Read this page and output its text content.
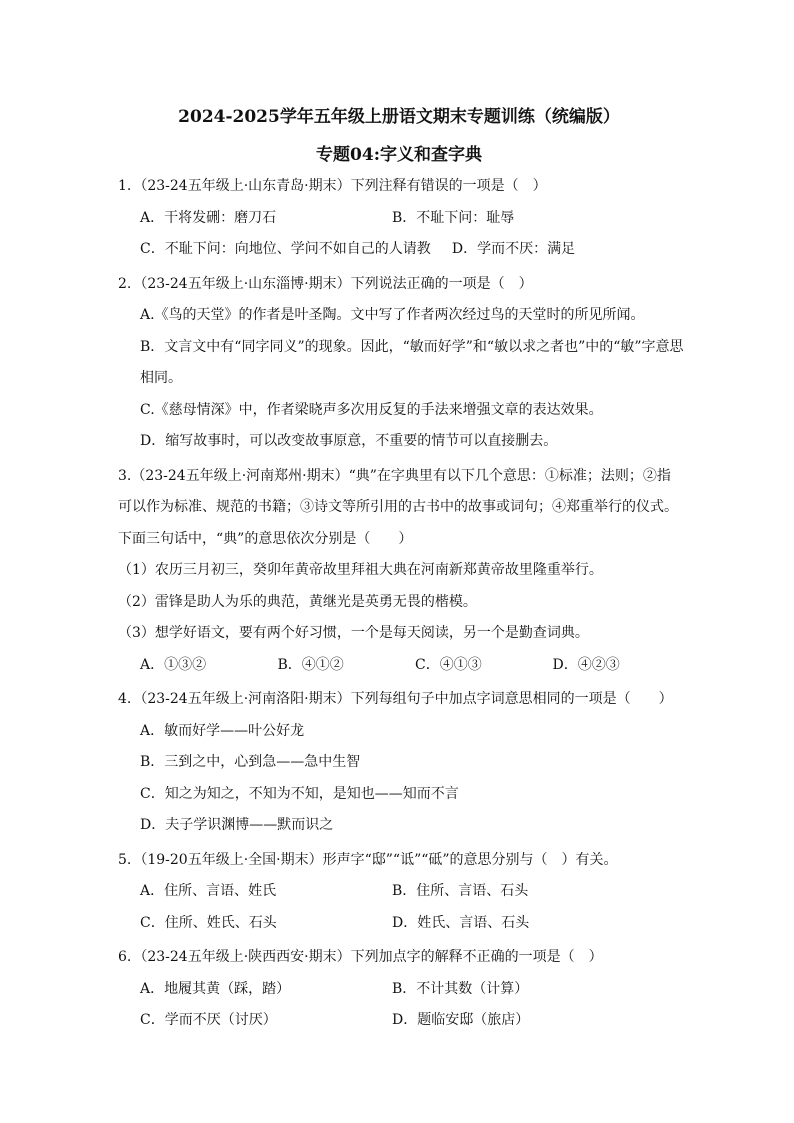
2024-2025学年五年级上册语文期末专题训练（统编版）
专题04:字义和查字典
1. （23-24五年级上·山东青岛·期末）下列注释有错误的一项是（　）
A．干将发硎：磨刀石	B．不耻下问：耻辱
C．不耻下问：向地位、学问不如自己的人请教	D．学而不厌：满足
2. （23-24五年级上·山东淄博·期末）下列说法正确的一项是（　）
A.《鸟的天堂》的作者是叶圣陶。文中写了作者两次经过鸟的天堂时的所见所闻。
B．文言文中有“同字同义”的现象。因此，“敏而好学”和“敏以求之者也”中的“敏”字意思
相同。
C.《慈母情深》中，作者梁晓声多次用反复的手法来增强文章的表达效果。
D．缩写故事时，可以改变故事原意，不重要的情节可以直接删去。
3.（23-24五年级上·河南郑州·期末）“典”在字典里有以下几个意思：①标准；法则；②指
可以作为标准、规范的书籍；③诗文等所引用的古书中的故事或词句；④郑重举行的仪式。
下面三句话中，“典”的意思依次分别是（　　）
（1）农历三月初三，癸卯年黄帝故里拜祖大典在河南新郑黄帝故里隆重举行。
（2）雷锋是助人为乐的典范，黄继光是英勇无畏的楷模。
（3）想学好语文，要有两个好习惯，一个是每天阅读，另一个是勤查词典。
A．①③②	B．④①②	C．④①③	D．④②③
4. （23-24五年级上·河南洛阳·期末）下列每组句子中加点字词意思相同的一项是（　　）
A．敏而好学——叶公好龙
B．三到之中，心到急——急中生智
C．知之为知之，不知为不知，是知也——知而不言
D．夫子学识渊博——默而识之
5. （19-20五年级上·全国·期末）形声字“邸”“诋”“砥”的意思分别与（　）有关。
A．住所、言语、姓氏	B．住所、言语、石头
C．住所、姓氏、石头	D．姓氏、言语、石头
6. （23-24五年级上·陕西西安·期末）下列加点字的解释不正确的一项是（　）
A．地履其黄（踩，踏）	B．不计其数（计算）
C．学而不厌（讨厌）	D．题临安邸（旅店）
